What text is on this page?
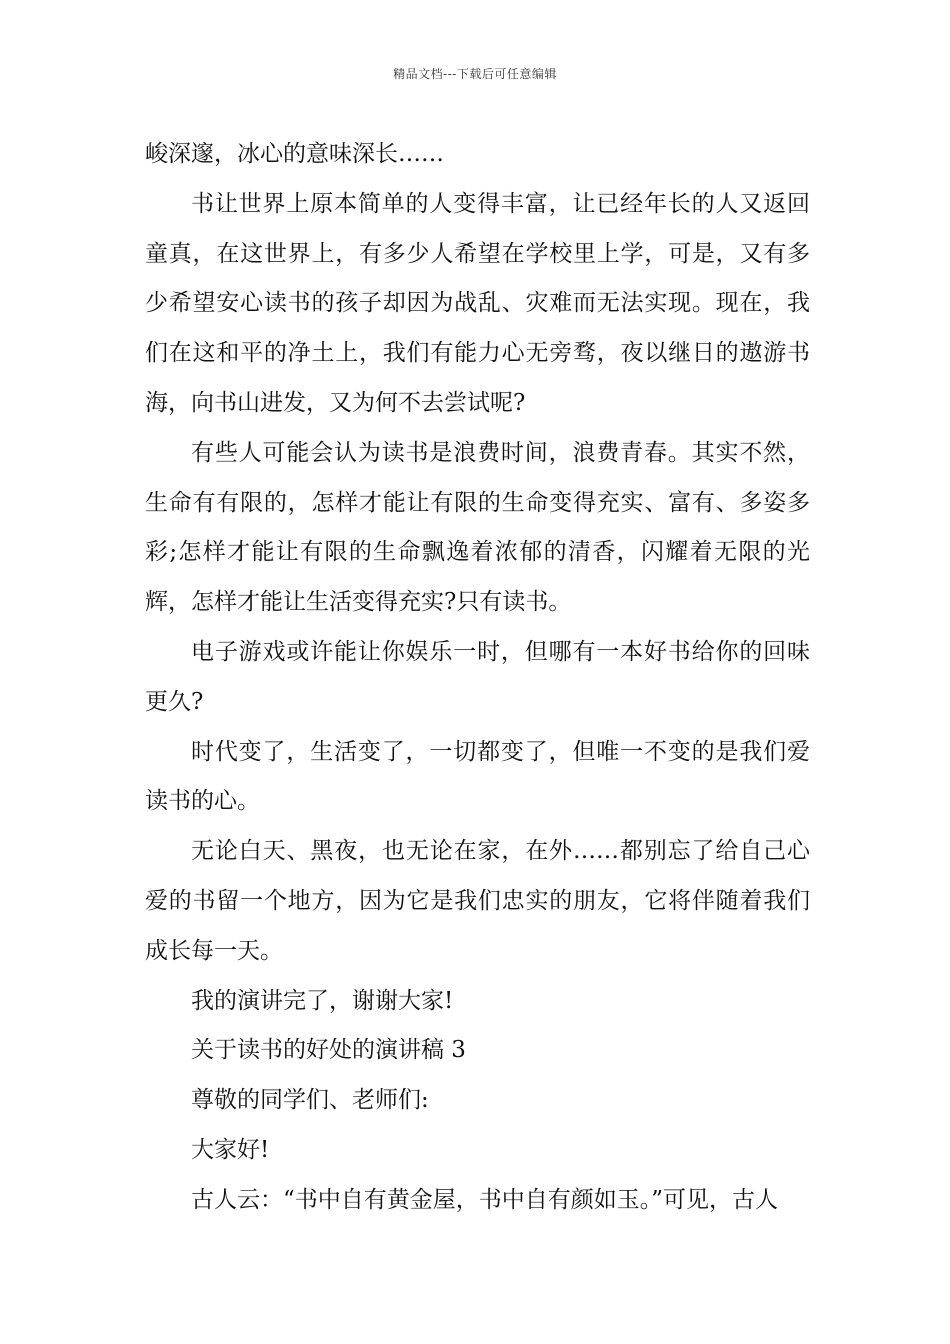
精品文档---下载后可任意编辑

峻深邃，冰心的意味深长……

书让世界上原本简单的人变得丰富，让已经年长的人又返回童真，在这世界上，有多少人希望在学校里上学，可是，又有多少希望安心读书的孩子却因为战乱、灾难而无法实现。现在，我们在这和平的净土上，我们有能力心无旁骛，夜以继日的遨游书海，向书山进发，又为何不去尝试呢?

有些人可能会认为读书是浪费时间，浪费青春。其实不然，生命有有限的，怎样才能让有限的生命变得充实、富有、多姿多彩;怎样才能让有限的生命飘逸着浓郁的清香，闪耀着无限的光辉，怎样才能让生活变得充实?只有读书。

电子游戏或许能让你娱乐一时，但哪有一本好书给你的回味更久?

时代变了，生活变了，一切都变了，但唯一不变的是我们爱读书的心。

无论白天、黑夜，也无论在家，在外……都别忘了给自己心爱的书留一个地方，因为它是我们忠实的朋友，它将伴随着我们成长每一天。

我的演讲完了，谢谢大家!

关于读书的好处的演讲稿 3

尊敬的同学们、老师们:

大家好!

古人云：“书中自有黄金屋，书中自有颜如玉。”可见，古人
